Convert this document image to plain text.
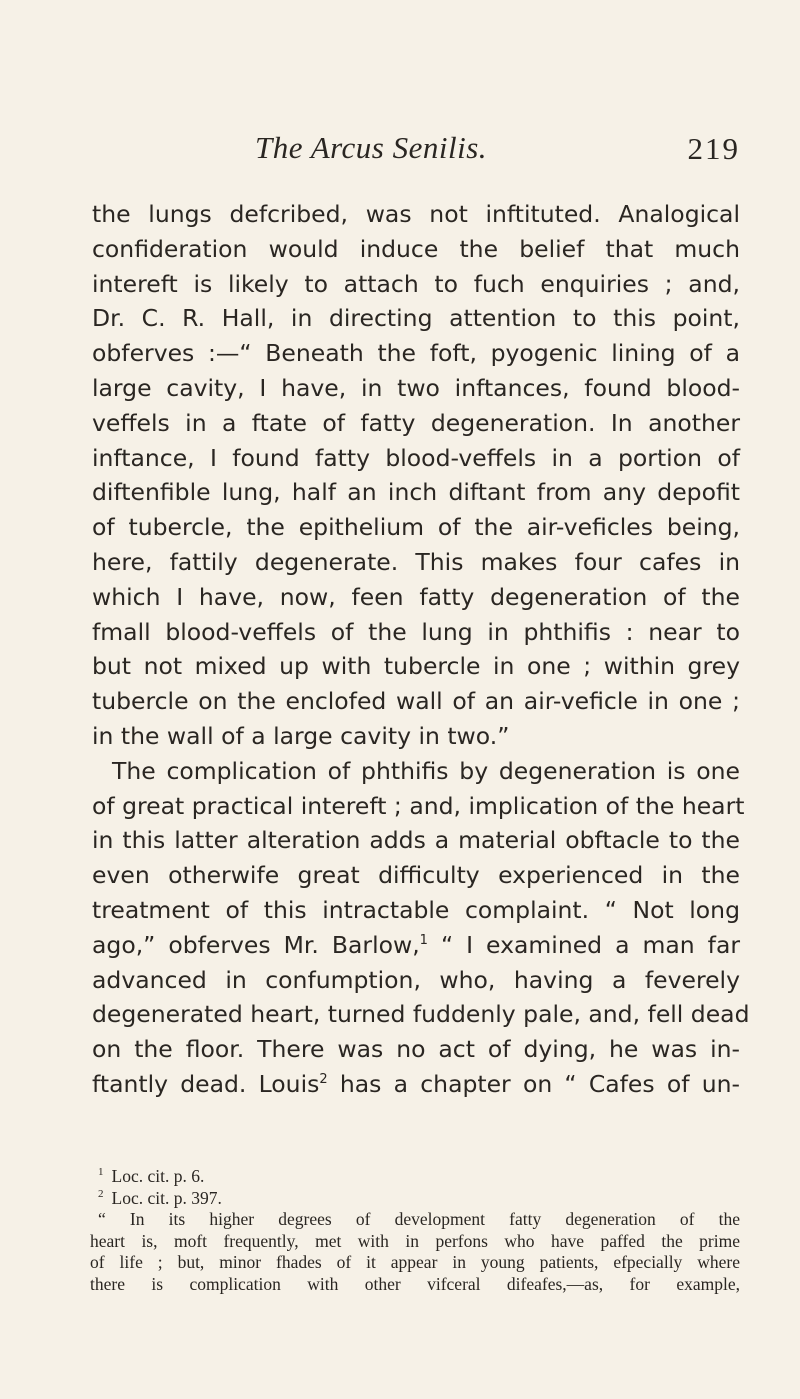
The Arcus Senilis.	219
the lungs defcribed, was not inftituted. Analogical
confideration would induce the belief that much
intereft is likely to attach to fuch enquiries ; and,
Dr. C. R. Hall, in directing attention to this point,
obferves :—“ Beneath the foft, pyogenic lining of a
large cavity, I have, in two inftances, found blood-
veffels in a ftate of fatty degeneration. In another
inftance, I found fatty blood-veffels in a portion of
diftenfible lung, half an inch diftant from any depofit
of tubercle, the epithelium of the air-veficles being,
here, fattily degenerate. This makes four cafes in
which I have, now, feen fatty degeneration of the
fmall blood-veffels of the lung in phthifis : near to
but not mixed up with tubercle in one ; within grey
tubercle on the enclofed wall of an air-veficle in one ;
in the wall of a large cavity in two.”
The complication of phthifis by degeneration is one
of great practical intereft ; and, implication of the heart
in this latter alteration adds a material obftacle to the
even otherwife great difficulty experienced in the
treatment of this intractable complaint. “ Not long
ago,” obferves Mr. Barlow,$^1$ “ I examined a man far
advanced in confumption, who, having a feverely
degenerated heart, turned fuddenly pale, and, fell dead
on the floor. There was no act of dying, he was in-
ftantly dead. Louis$^2$ has a chapter on “ Cafes of un-
$^1$ Loc. cit. p. 6.
$^2$ Loc. cit. p. 397.
“ In its higher degrees of development fatty degeneration of the
heart is, moft frequently, met with in perfons who have paffed the prime
of life ; but, minor fhades of it appear in young patients, efpecially where
there is complication with other vifceral difeafes,—as, for example,
